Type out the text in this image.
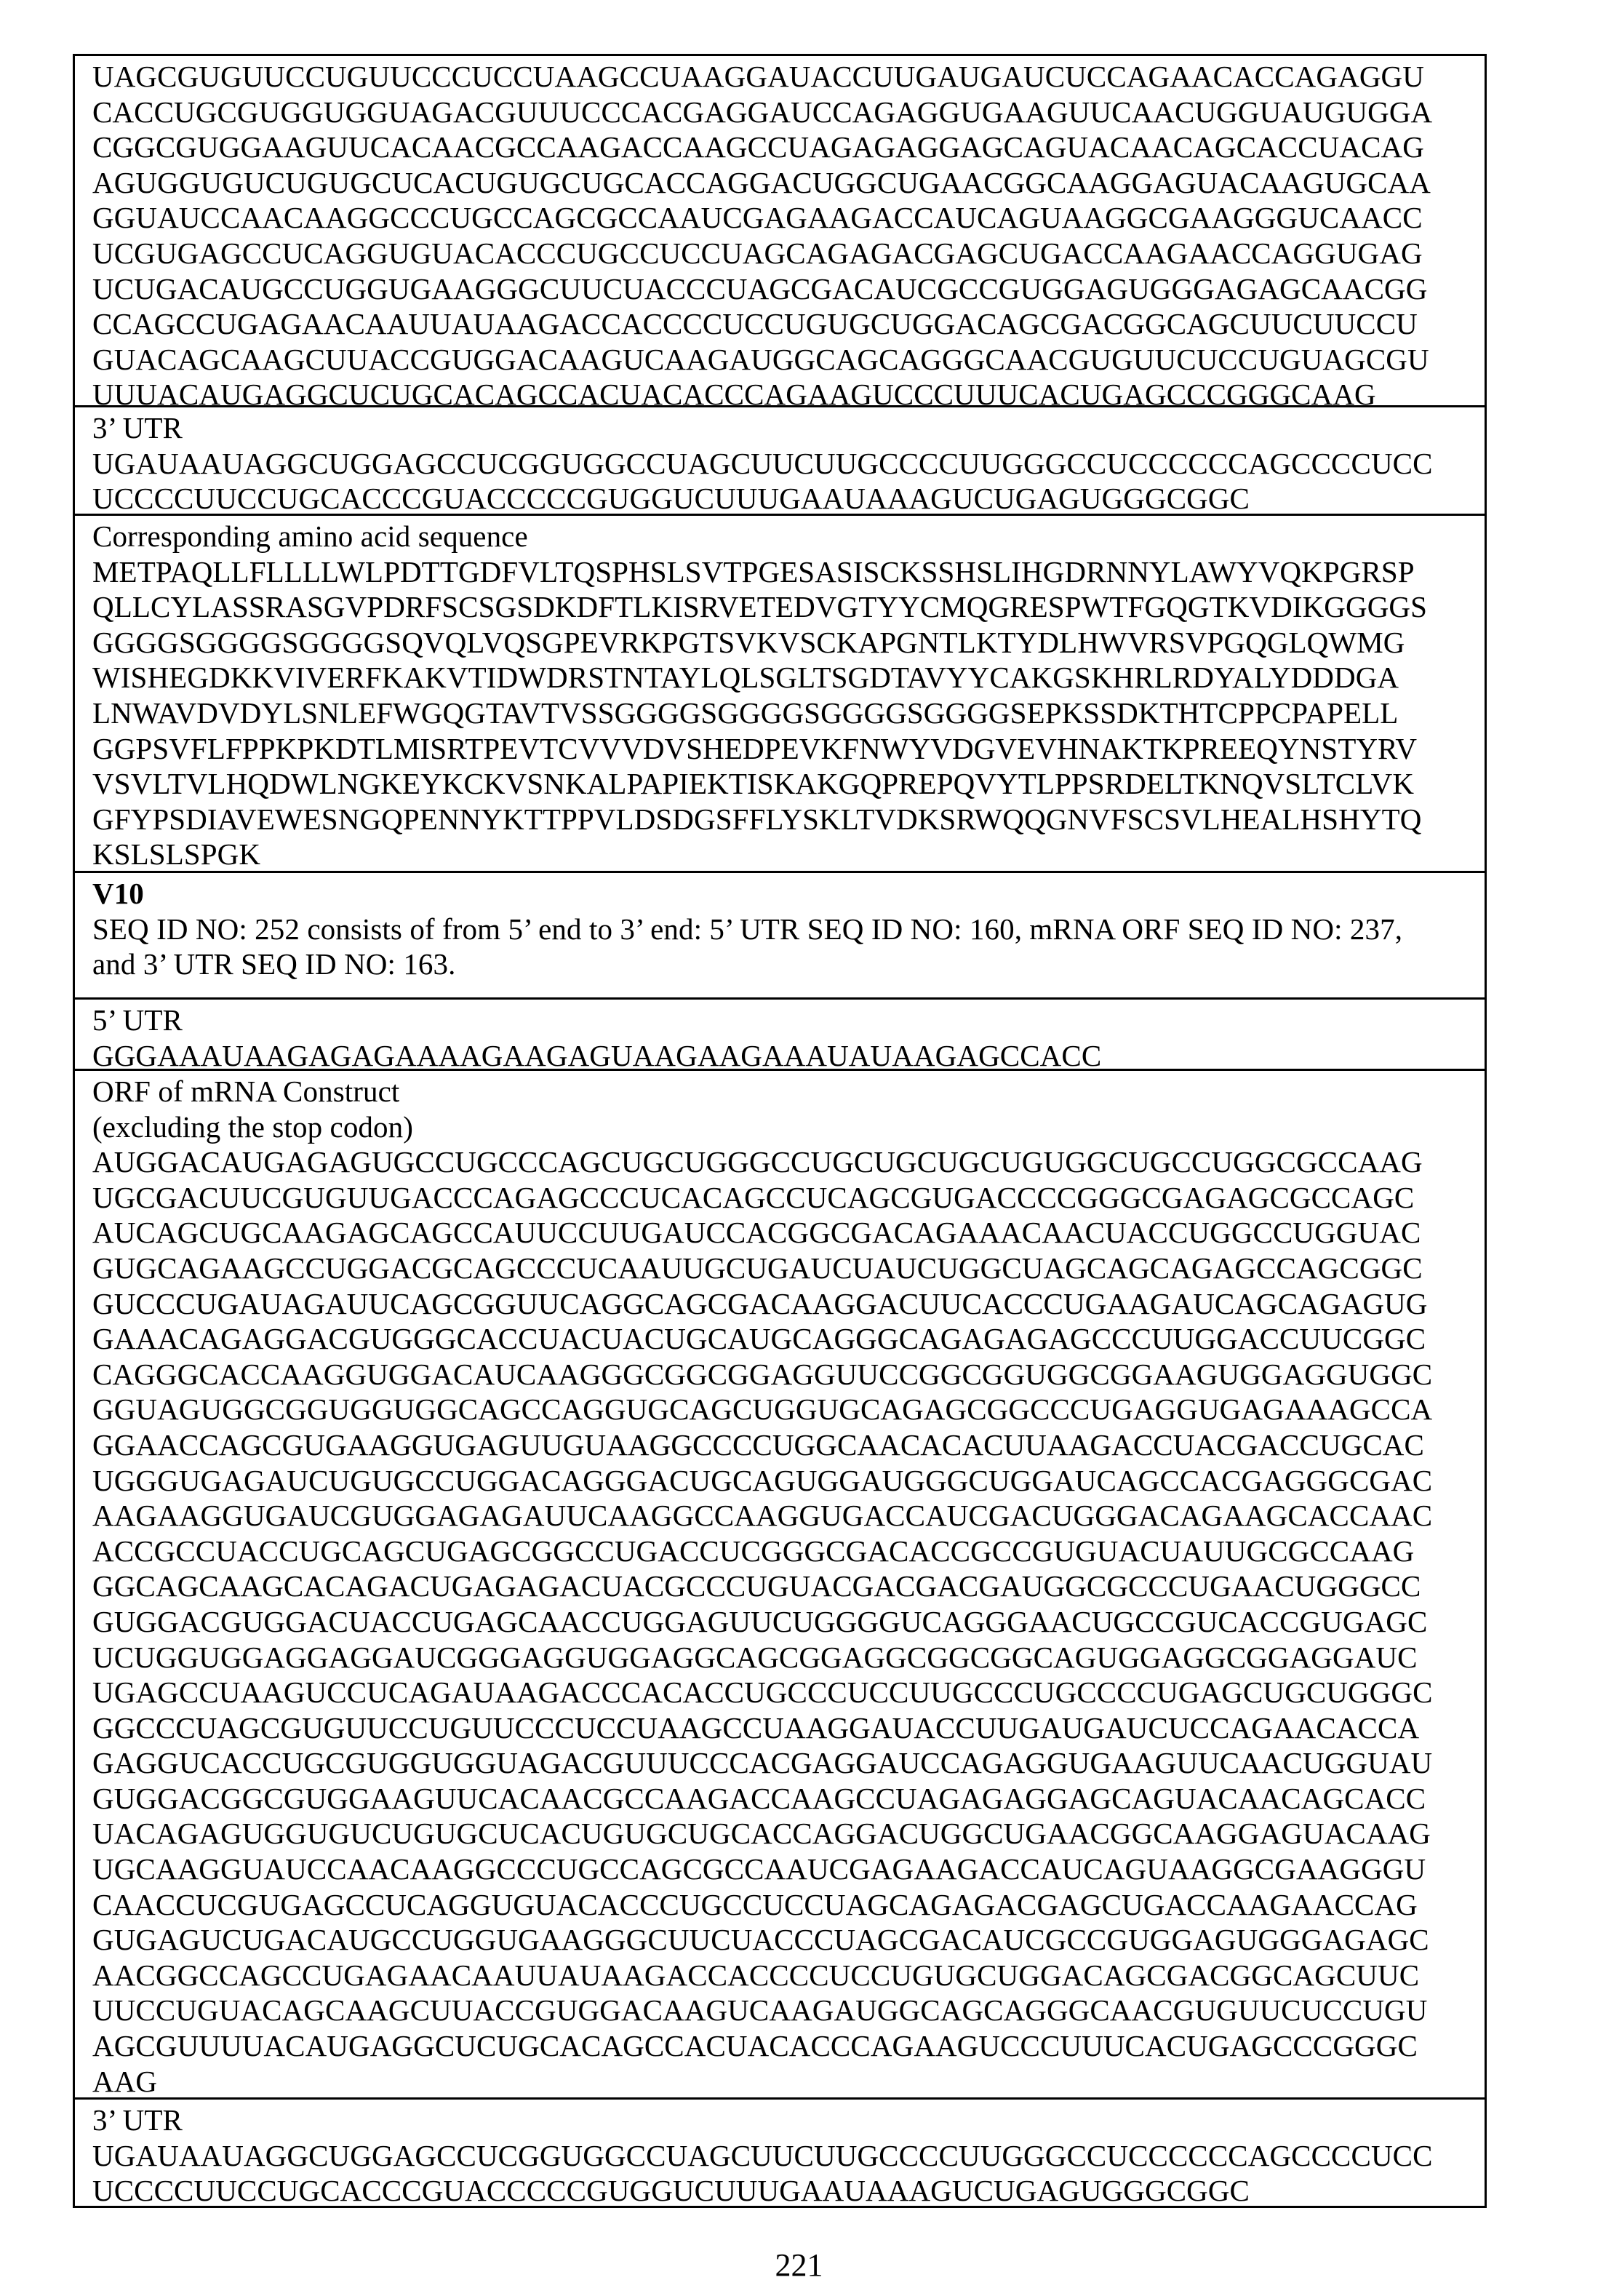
UAGCGUGUUCCUGUUCCCUCCUAAGCCUAAGGAUACCUUGAUGAUCUCCAGAACACCAGAGGU
CACCUGCGUGGUGGUAGACGUUUCCCACGAGGAUCCAGAGGUGAAGUUCAACUGGUAUGUGGA
CGGCGUGGAAGUUCACAACGCCAAGACCAAGCCUAGAGAGGAGCAGUACAACAGCACCUACAG
AGUGGUGUCUGUGCUCACUGUGCUGCACCAGGACUGGCUGAACGGCAAGGAGUACAAGUGCAA
GGUAUCCAACAAGGCCCUGCCAGCGCCAAUCGAGAAGACCAUCAGUAAGGCGAAGGGUCAACC
UCGUGAGCCUCAGGUGUACACCCUGCCUCCUAGCAGAGACGAGCUGACCAAGAACCAGGUGAG
UCUGACAUGCCUGGUGAAGGGCUUCUACCCUAGCGACAUCGCCGUGGAGUGGGAGAGCAACGG
CCAGCCUGAGAACAAUUAUAAGACCACCCCUCCUGUGCUGGACAGCGACGGCAGCUUCUUCCU
GUACAGCAAGCUUACCGUGGACAAGUCAAGAUGGCAGCAGGGCAACGUGUUCUCCUGUAGCGU
UUUACAUGAGGCUCUGCACAGCCACUACACCCAGAAGUCCCUUUCACUGAGCCCGGGCAAG
3’ UTR
UGAUAAUAGGCUGGAGCCUCGGUGGCCUAGCUUCUUGCCCCUUGGGCCUCCCCCCAGCCCCUCC
UCCCCUUCCUGCACCCGUACCCCCGUGGUCUUUGAAUAAAGUCUGAGUGGGCGGC
Corresponding amino acid sequence
METPAQLLFLLLLWLPDTTGDFVLTQSPHSLSVTPGESASISCKSSHSLIHGDRNNYLAWYVQKPGRSP
QLLCYLASSRASGVPDRFSCSGSDKDFTLKISRVETEDVGTYYCMQGRESPWTFGQGTKVDIKGGGGS
GGGGSGGGGSGGGGSQVQLVQSGPEVRKPGTSVKVSCKAPGNTLKTYDLHWVRSVPGQGLQWMG
WISHEGDKKVIVERFKAKVTIDWDRSTNTAYLQLSGLTSGDTAVYYCAKGSKHRLRDYALYDDDGA
LNWAVDVDYLSNLEFWGQGTAVTVSSGGGGSGGGGSGGGGSGGGGSEPKSSDKTHTCPPCPAPELL
GGPSVFLFPPKPKDTLMISRTPEVTCVVVDVSHEDPEVKFNWYVDGVEVHNAKTKPREEQYNSTYRV
VSVLTVLHQDWLNGKEYKCKVSNKALPAPIEKTISKAKGQPREPQVYTLPPSRDELTKNQVSLTCLVK
GFYPSDIAVEWESNGQPENNYKTTPPVLDSDGSFFLYSKLTVDKSRWQQGNVFSCSVLHEALHSHYTQ
KSLSLSPGK
V10
SEQ ID NO: 252 consists of from 5’ end to 3’ end: 5’ UTR SEQ ID NO: 160, mRNA ORF SEQ ID NO: 237,
and 3’ UTR SEQ ID NO: 163.
5’ UTR
GGGAAAUAAGAGAGAAAAGAAGAGUAAGAAGAAAUAUAAGAGCCACC
ORF of mRNA Construct
(excluding the stop codon)
AUGGACAUGAGAGUGCCUGCCCAGCUGCUGGGCCUGCUGCUGCUGUGGCUGCCUGGCGCCAAG
UGCGACUUCGUGUUGACCCAGAGCCCUCACAGCCUCAGCGUGACCCCGGGCGAGAGCGCCAGC
AUCAGCUGCAAGAGCAGCCAUUCCUUGAUCCACGGCGACAGAAACAACUACCUGGCCUGGUAC
GUGCAGAAGCCUGGACGCAGCCCUCAAUUGCUGAUCUAUCUGGCUAGCAGCAGAGCCAGCGGC
GUCCCUGAUAGAUUCAGCGGUUCAGGCAGCGACAAGGACUUCACCCUGAAGAUCAGCAGAGUG
GAAACAGAGGACGUGGGCACCUACUACUGCAUGCAGGGCAGAGAGAGCCCUUGGACCUUCGGC
CAGGGCACCAAGGUGGACAUCAAGGGCGGCGGAGGUUCCGGCGGUGGCGGAAGUGGAGGUGGC
GGUAGUGGCGGUGGUGGCAGCCAGGUGCAGCUGGUGCAGAGCGGCCCUGAGGUGAGAAAGCCA
GGAACCAGCGUGAAGGUGAGUUGUAAGGCCCCUGGCAACACACUUAAGACCUACGACCUGCAC
UGGGUGAGAUCUGUGCCUGGACAGGGACUGCAGUGGAUGGGCUGGAUCAGCCACGAGGGCGAC
AAGAAGGUGAUCGUGGAGAGAUUCAAGGCCAAGGUGACCAUCGACUGGGACAGAAGCACCAAC
ACCGCCUACCUGCAGCUGAGCGGCCUGACCUCGGGCGACACCGCCGUGUACUAUUGCGCCAAG
GGCAGCAAGCACAGACUGAGAGACUACGCCCUGUACGACGACGAUGGCGCCCUGAACUGGGCC
GUGGACGUGGACUACCUGAGCAACCUGGAGUUCUGGGGUCAGGGAACUGCCGUCACCGUGAGC
UCUGGUGGAGGAGGAUCGGGAGGUGGAGGCAGCGGAGGCGGCGGCAGUGGAGGCGGAGGAUC
UGAGCCUAAGUCCUCAGAUAAGACCCACACCUGCCCUCCUUGCCCUGCCCCUGAGCUGCUGGGC
GGCCCUAGCGUGUUCCUGUUCCCUCCUAAGCCUAAGGAUACCUUGAUGAUCUCCAGAACACCA
GAGGUCACCUGCGUGGUGGUAGACGUUUCCCACGAGGAUCCAGAGGUGAAGUUCAACUGGUAU
GUGGACGGCGUGGAAGUUCACAACGCCAAGACCAAGCCUAGAGAGGAGCAGUACAACAGCACC
UACAGAGUGGUGUCUGUGCUCACUGUGCUGCACCAGGACUGGCUGAACGGCAAGGAGUACAAG
UGCAAGGUAUCCAACAAGGCCCUGCCAGCGCCAAUCGAGAAGACCAUCAGUAAGGCGAAGGGU
CAACCUCGUGAGCCUCAGGUGUACACCCUGCCUCCUAGCAGAGACGAGCUGACCAAGAACCAG
GUGAGUCUGACAUGCCUGGUGAAGGGCUUCUACCCUAGCGACAUCGCCGUGGAGUGGGAGAGC
AACGGCCAGCCUGAGAACAAUUAUAAGACCACCCCUCCUGUGCUGGACAGCGACGGCAGCUUC
UUCCUGUACAGCAAGCUUACCGUGGACAAGUCAAGAUGGCAGCAGGGCAACGUGUUCUCCUGU
AGCGUUUUACAUGAGGCUCUGCACAGCCACUACACCCAGAAGUCCCUUUCACUGAGCCCGGGC
AAG
3’ UTR
UGAUAAUAGGCUGGAGCCUCGGUGGCCUAGCUUCUUGCCCCUUGGGCCUCCCCCCAGCCCCUCC
UCCCCUUCCUGCACCCGUACCCCCGUGGUCUUUGAAUAAAGUCUGAGUGGGCGGC
221
